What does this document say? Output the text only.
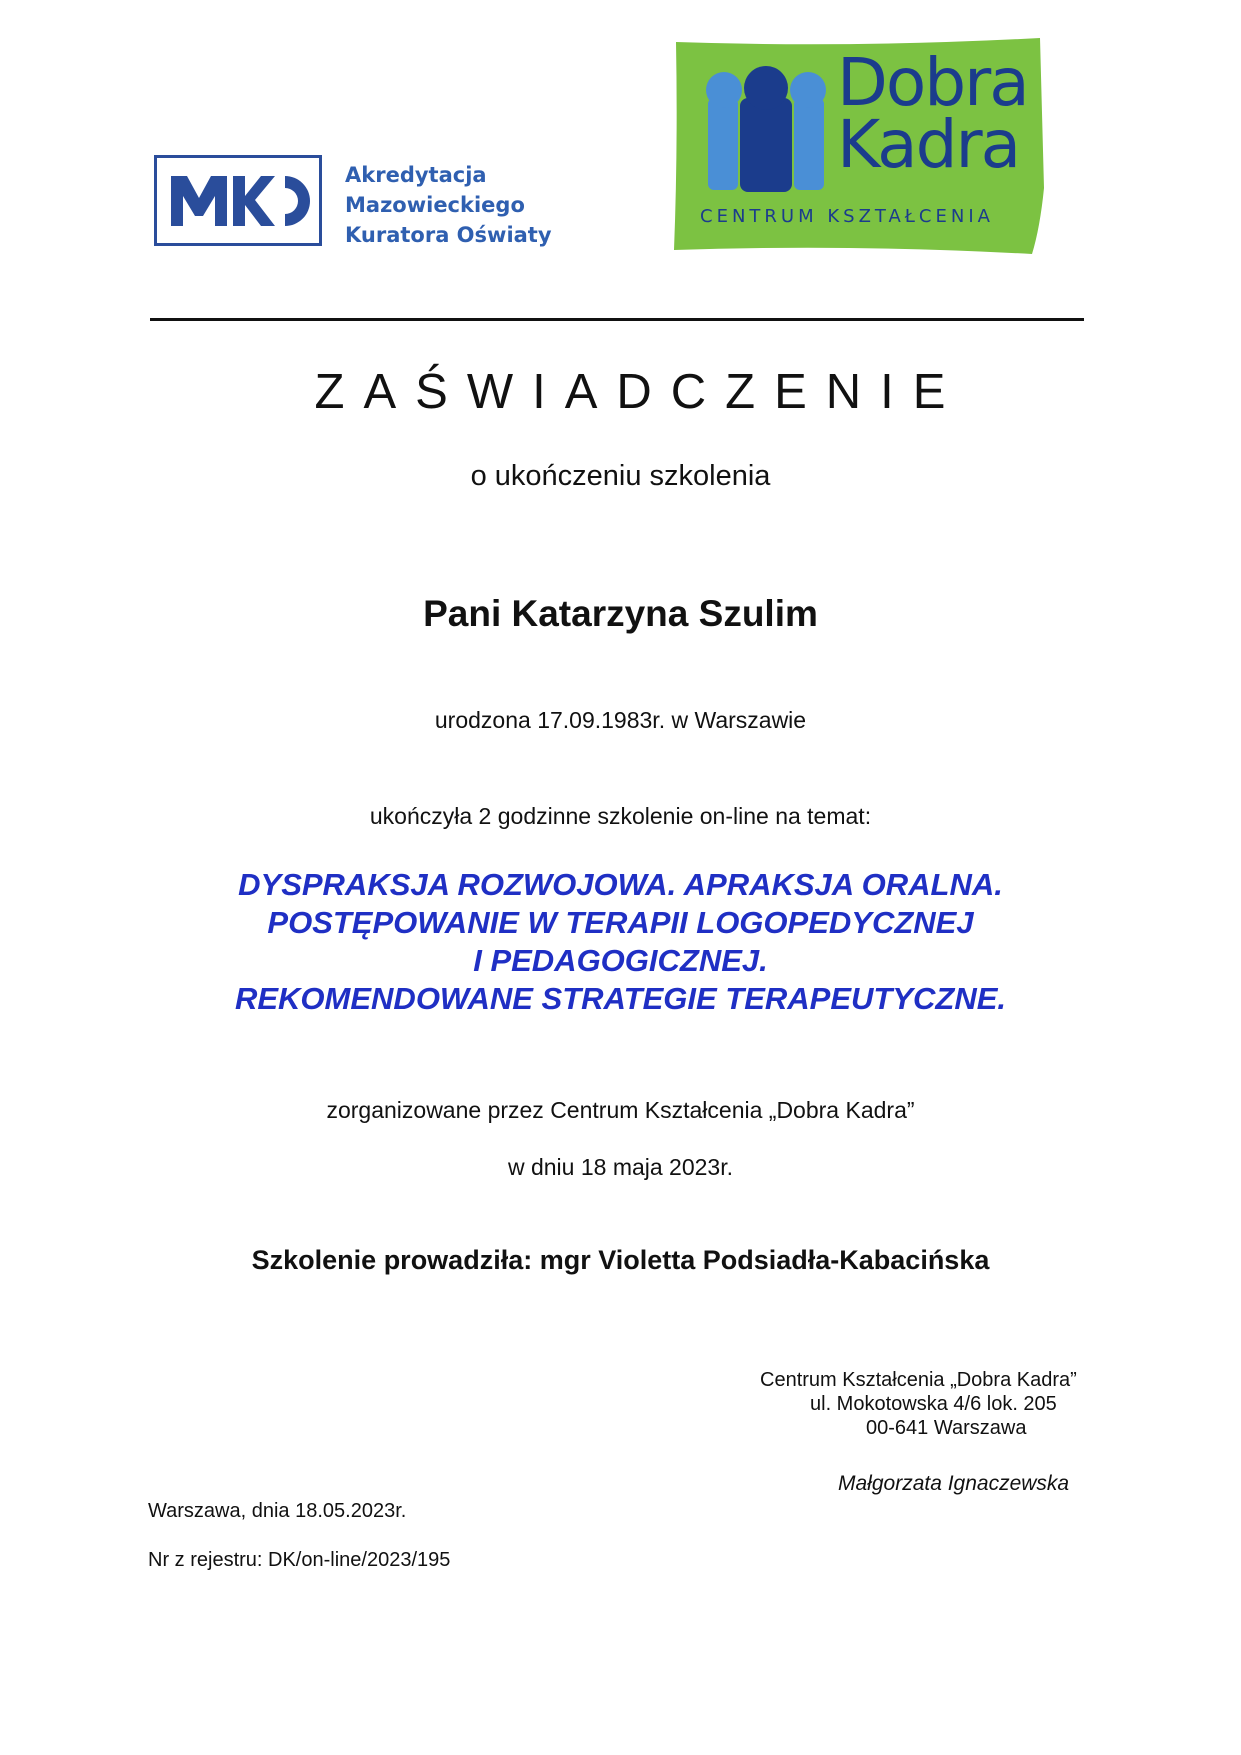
Akredytacja
Mazowieckiego
Kuratora Oświaty
Dobra
Kadra
CENTRUM KSZTAŁCENIA
ZAŚWIADCZENIE
o ukończeniu szkolenia
Pani Katarzyna Szulim
urodzona 17.09.1983r. w Warszawie
ukończyła 2 godzinne szkolenie on-line na temat:
DYSPRAKSJA ROZWOJOWA. APRAKSJA ORALNA.
POSTĘPOWANIE W TERAPII LOGOPEDYCZNEJ
I PEDAGOGICZNEJ.
REKOMENDOWANE STRATEGIE TERAPEUTYCZNE.
zorganizowane przez Centrum Kształcenia „Dobra Kadra”
w dniu 18 maja 2023r.
Szkolenie prowadziła: mgr Violetta Podsiadła-Kabacińska
Centrum Kształcenia „Dobra Kadra”
ul. Mokotowska 4/6 lok. 205
00-641 Warszawa
Małgorzata Ignaczewska
Warszawa, dnia 18.05.2023r.
Nr z rejestru: DK/on-line/2023/195
